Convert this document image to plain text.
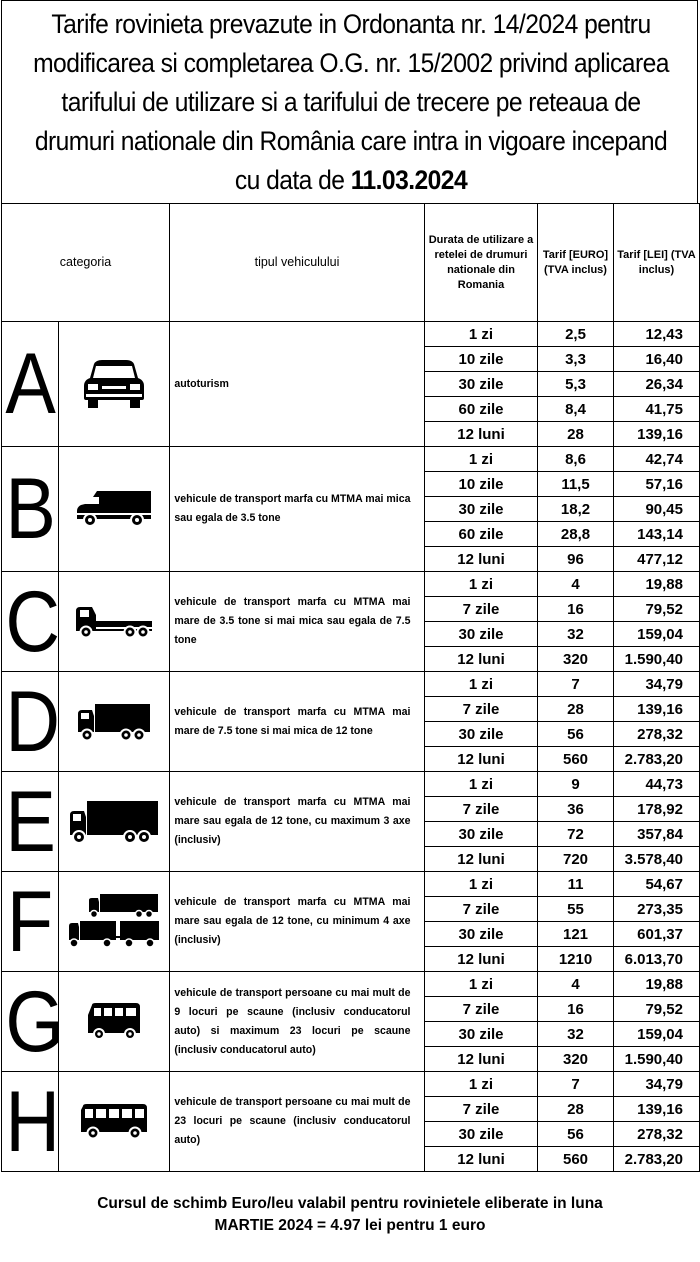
Tarife rovinieta prevazute in Ordonanta nr. 14/2024 pentru
modificarea si completarea O.G. nr. 15/2002 privind aplicarea
tarifului de utilizare si a tarifului de trecere pe reteaua de
drumuri nationale din România care intra in vigoare incepand
cu data de 11.03.2024
categoria		tipul vehiculului	Durata de utilizare a retelei de drumuri nationale din Romania	Tarif [EURO] (TVA inclus)	Tarif [LEI] (TVA inclus)

A		autoturism	1 zi	2,5	12,43
			10 zile	3,3	16,40
			30 zile	5,3	26,34
			60 zile	8,4	41,75
			12 luni	28	139,16

B		vehicule de transport marfa cu MTMA mai mica sau egala de 3.5 tone	1 zi	8,6	42,74
			10 zile	11,5	57,16
			30 zile	18,2	90,45
			60 zile	28,8	143,14
			12 luni	96	477,12

C		vehicule de transport marfa cu MTMA mai mare de 3.5 tone si mai mica sau egala de 7.5 tone	1 zi	4	19,88
			7 zile	16	79,52
			30 zile	32	159,04
			12 luni	320	1.590,40

D		vehicule de transport marfa cu MTMA mai mare de 7.5 tone si mai mica de 12 tone	1 zi	7	34,79
			7 zile	28	139,16
			30 zile	56	278,32
			12 luni	560	2.783,20

E		vehicule de transport marfa cu MTMA mai mare sau egala de 12 tone, cu maximum 3 axe (inclusiv)	1 zi	9	44,73
			7 zile	36	178,92
			30 zile	72	357,84
			12 luni	720	3.578,40

F		vehicule de transport marfa cu MTMA mai mare sau egala de 12 tone, cu minimum 4 axe (inclusiv)	1 zi	11	54,67
			7 zile	55	273,35
			30 zile	121	601,37
			12 luni	1210	6.013,70

G		vehicule de transport persoane cu mai mult de 9 locuri pe scaune (inclusiv conducatorul auto) si maximum 23 locuri pe scaune (inclusiv conducatorul auto)	1 zi	4	19,88
			7 zile	16	79,52
			30 zile	32	159,04
			12 luni	320	1.590,40

H		vehicule de transport persoane cu mai mult de 23 locuri pe scaune (inclusiv conducatorul auto)	1 zi	7	34,79
			7 zile	28	139,16
			30 zile	56	278,32
			12 luni	560	2.783,20
Cursul de schimb Euro/leu valabil pentru rovinietele eliberate in luna
MARTIE 2024 = 4.97 lei pentru 1 euro
